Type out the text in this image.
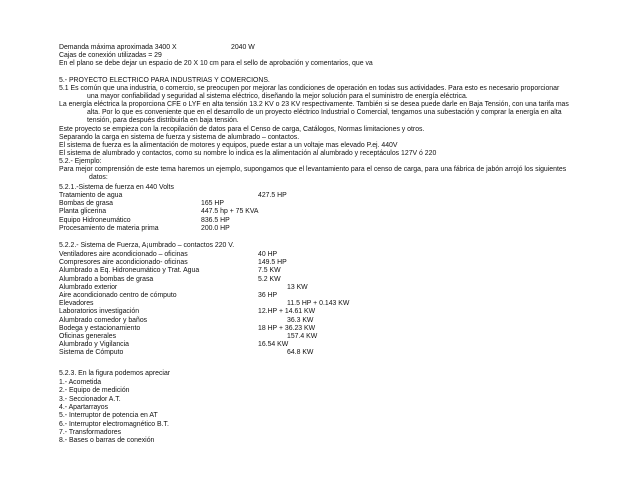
Demanda máxima aproximada 3400 X	2040 W
Cajas de conexión utilizadas = 29
En el plano se debe dejar un espacio de 20 X 10 cm para el sello de aprobación y comentarios, que va
5.- PROYECTO ELECTRICO PARA INDUSTRIAS Y COMERCIONS.
5.1 Es común que una industria, o comercio, se preocupen por mejorar las condiciones de operación en todas sus actividades. Para esto es necesario proporcionar
una mayor confiabilidad y seguridad al sistema eléctrico, diseñando la mejor solución para el suministro de energía eléctrica.
La energía eléctrica la proporciona CFE o LYF en alta tensión 13.2 KV o 23 KV respectivamente. También si se desea puede darle en Baja Tensión, con una tarifa mas
alta. Por lo que es conveniente que en el desarrollo de un proyecto eléctrico Industrial o Comercial, tengamos una subestación y comprar la energía en alta
tensión, para después distribuirla en baja tensión.
Este proyecto se empieza con la recopilación de datos para el Censo de carga, Catálogos, Normas limitaciones y otros.
Separando la carga en sistema de fuerza y sistema de alumbrado – contactos.
El sistema de fuerza es la alimentación de motores y equipos, puede estar a un voltaje mas elevado P.ej. 440V
El sistema de alumbrado y contactos, como su nombre lo indica es la alimentación al alumbrado y receptáculos 127V ó 220
5.2.- Ejemplo:
Para mejor comprensión de este tema haremos un ejemplo, supongamos que el levantamiento para el censo de carga, para una fábrica de jabón arrojó los siguientes
datos:
5.2.1.-Sistema de fuerza en 440 Volts
Tratamiento de agua	427.5 HP
Bombas de grasa	165 HP
Planta glicerina	447.5 hp + 75 KVA
Equipo Hidroneumático	836.5 HP
Procesamiento de materia prima	200.0 HP
5.2.2.- Sistema de Fuerza, A¡umbrado – contactos 220 V.
Ventiladores aire acondicionado – oficinas	40 HP
Compresores aire acondicionado- oficinas	149.5 HP
Alumbrado a Eq. Hidroneumático y Trat. Agua	7.5 KW
Alumbrado a bombas de grasa	5.2 KW
Alumbrado exterior	13 KW
Aire acondicionado centro de cómputo	36 HP
Elevadores	11.5 HP + 0.143 KW
Laboratorios investigación	12.HP + 14.61 KW
Alumbrado comedor y baños	36.3 KW
Bodega y estacionamiento	18 HP + 36.23 KW
Oficinas generales	157.4 KW
Alumbrado y Vigilancia	16.54 KW
Sistema de Cómputo	64.8 KW
5.2.3. En la figura podemos apreciar
1.- Acometida
2.- Equipo de medición
3.- Seccionador A.T.
4.- Apartarrayos
5.- Interruptor de potencia en AT
6.- Interruptor electromagnético B.T.
7.- Transformadores
8.- Bases o barras de conexión
